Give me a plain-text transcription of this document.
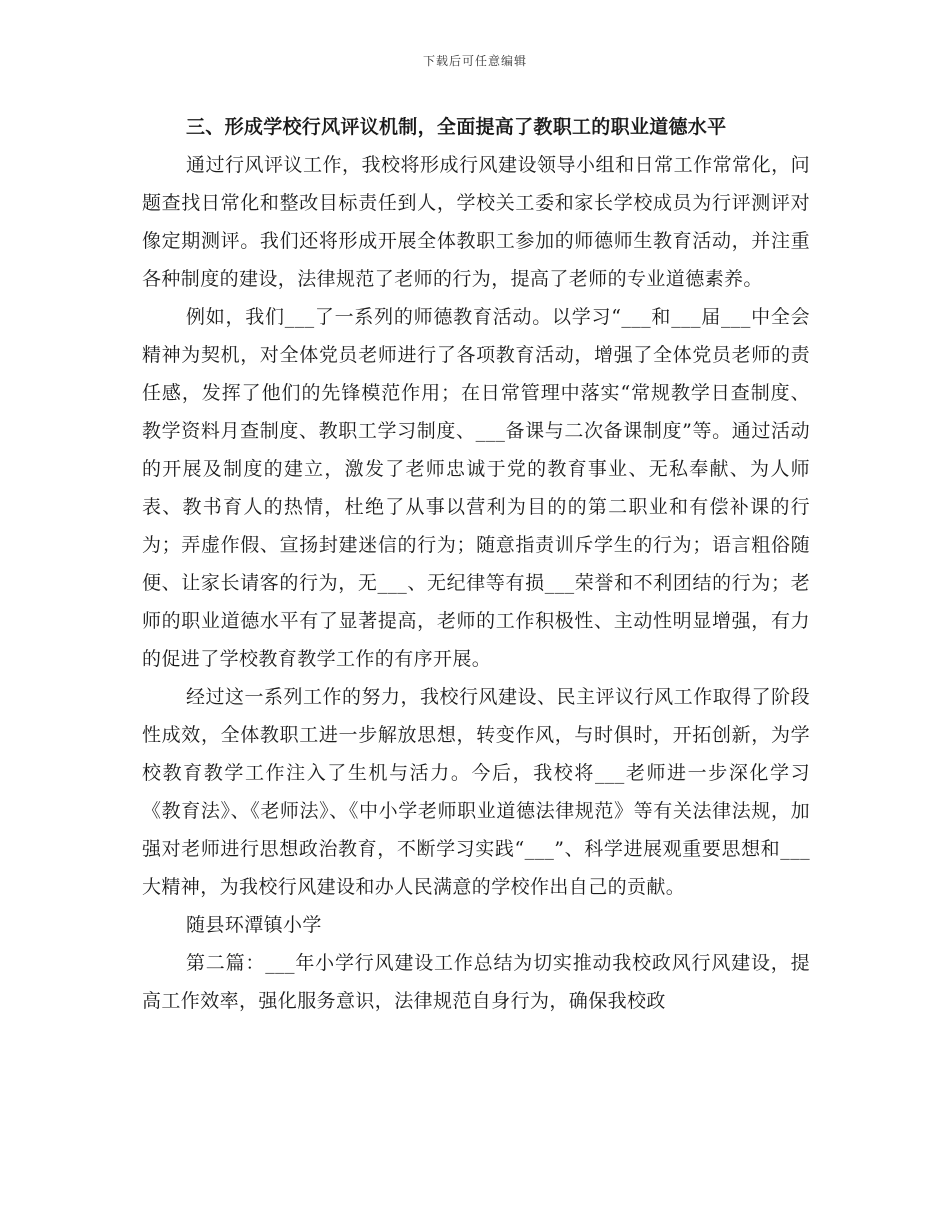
下载后可任意编辑
三、形成学校行风评议机制，全面提高了教职工的职业道德水平

通过行风评议工作，我校将形成行风建设领导小组和日常工作常常化，问题查找日常化和整改目标责任到人，学校关工委和家长学校成员为行评测评对像定期测评。我们还将形成开展全体教职工参加的师德师生教育活动，并注重各种制度的建设，法律规范了老师的行为，提高了老师的专业道德素养。

例如，我们___了一系列的师德教育活动。以学习“___和___届___中全会精神为契机，对全体党员老师进行了各项教育活动，增强了全体党员老师的责任感，发挥了他们的先锋模范作用；在日常管理中落实“常规教学日查制度、教学资料月查制度、教职工学习制度、___备课与二次备课制度”等。通过活动的开展及制度的建立，激发了老师忠诚于党的教育事业、无私奉献、为人师表、教书育人的热情，杜绝了从事以营利为目的的第二职业和有偿补课的行为；弄虚作假、宣扬封建迷信的行为；随意指责训斥学生的行为；语言粗俗随便、让家长请客的行为，无___、无纪律等有损___荣誉和不利团结的行为；老师的职业道德水平有了显著提高，老师的工作积极性、主动性明显增强，有力的促进了学校教育教学工作的有序开展。

经过这一系列工作的努力，我校行风建设、民主评议行风工作取得了阶段性成效，全体教职工进一步解放思想，转变作风，与时俱时，开拓创新，为学校教育教学工作注入了生机与活力。今后，我校将___老师进一步深化学习《教育法》、《老师法》、《中小学老师职业道德法律规范》等有关法律法规，加强对老师进行思想政治教育，不断学习实践“___”、科学进展观重要思想和___大精神，为我校行风建设和办人民满意的学校作出自己的贡献。

随县环潭镇小学

第二篇：___年小学行风建设工作总结为切实推动我校政风行风建设，提高工作效率，强化服务意识，法律规范自身行为，确保我校政
